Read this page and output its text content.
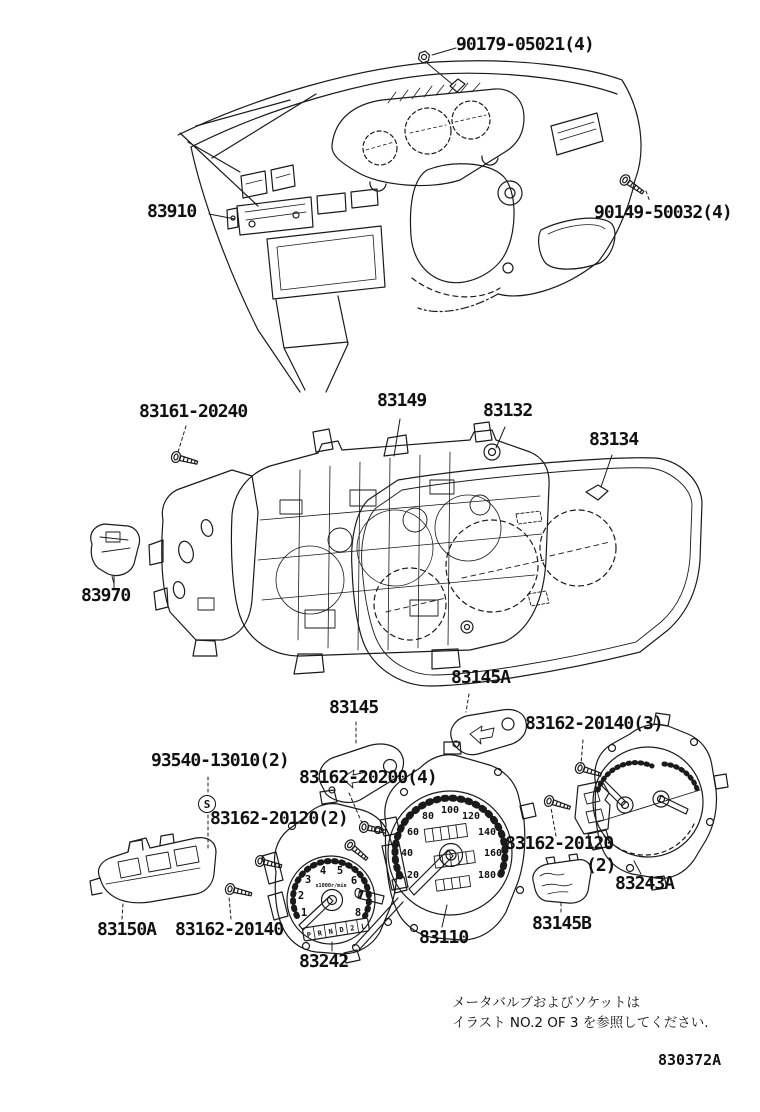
1
2
3
4 5
6
7
8
x1000r/min
P R N D 2 L
20
40
60
80
100
120
140
160
180
90179-05021(4)
83910	90149-50032(4)
83161-20240
83149	83132
83134
83970
83145A
83145
83162-20140(3)
93540-13010(2)
83162-20200(4)
83162-20120(2)
83162-20120
(2)
83243A
83150A 83162-20140	83110
83145B
83242
S
メータバルブおよびソケットは
イラスト NO.2 OF 3 を参照してください.
830372A
